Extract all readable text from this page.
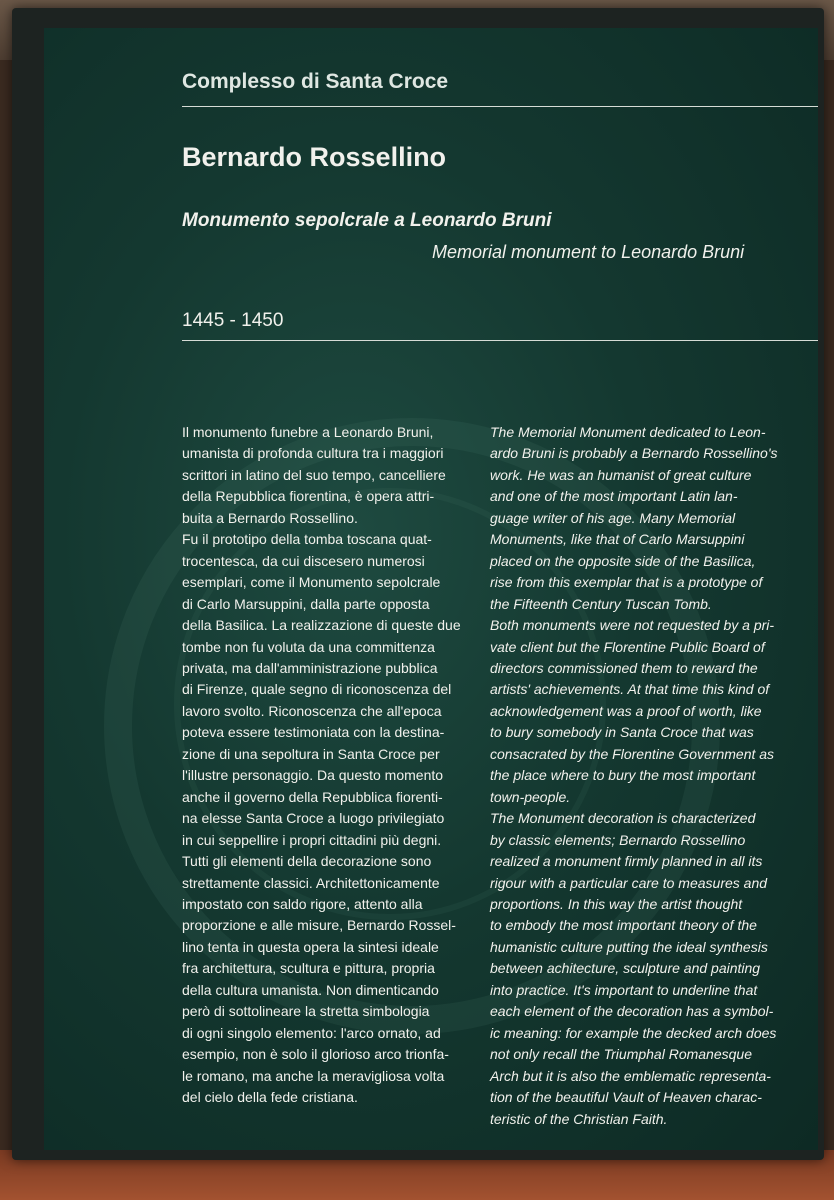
Complesso di Santa Croce

Bernardo Rossellino

Monumento sepolcrale a Leonardo Bruni

Memorial monument to Leonardo Bruni

1445 - 1450

Il monumento funebre a Leonardo Bruni,
umanista di profonda cultura tra i maggiori
scrittori in latino del suo tempo, cancelliere
della Repubblica fiorentina, è opera attri-
buita a Bernardo Rossellino.
Fu il prototipo della tomba toscana quat-
trocentesca, da cui discesero numerosi
esemplari, come il Monumento sepolcrale
di Carlo Marsuppini, dalla parte opposta
della Basilica. La realizzazione di queste due
tombe non fu voluta da una committenza
privata, ma dall'amministrazione pubblica
di Firenze, quale segno di riconoscenza del
lavoro svolto. Riconoscenza che all'epoca
poteva essere testimoniata con la destina-
zione di una sepoltura in Santa Croce per
l'illustre personaggio. Da questo momento
anche il governo della Repubblica fiorenti-
na elesse Santa Croce a luogo privilegiato
in cui seppellire i propri cittadini più degni.
Tutti gli elementi della decorazione sono
strettamente classici. Architettonicamente
impostato con saldo rigore, attento alla
proporzione e alle misure, Bernardo Rossel-
lino tenta in questa opera la sintesi ideale
fra architettura, scultura e pittura, propria
della cultura umanista. Non dimenticando
però di sottolineare la stretta simbologia
di ogni singolo elemento: l'arco ornato, ad
esempio, non è solo il glorioso arco trionfa-
le romano, ma anche la meravigliosa volta
del cielo della fede cristiana.
The Memorial Monument dedicated to Leon-
ardo Bruni is probably a Bernardo Rossellino's
work. He was an humanist of great culture
and one of the most important Latin lan-
guage writer of his age. Many Memorial
Monuments, like that of Carlo Marsuppini
placed on the opposite side of the Basilica,
rise from this exemplar that is a prototype of
the Fifteenth Century Tuscan Tomb.
Both monuments were not requested by a pri-
vate client but the Florentine Public Board of
directors commissioned them to reward the
artists' achievements. At that time this kind of
acknowledgement was a proof of worth, like
to bury somebody in Santa Croce that was
consacrated by the Florentine Government as
the place where to bury the most important
town-people.
The Monument decoration is characterized
by classic elements; Bernardo Rossellino
realized a monument firmly planned in all its
rigour with a particular care to measures and
proportions. In this way the artist thought
to embody the most important theory of the
humanistic culture putting the ideal synthesis
between achitecture, sculpture and painting
into practice. It's important to underline that
each element of the decoration has a symbol-
ic meaning: for example the decked arch does
not only recall the Triumphal Romanesque
Arch but it is also the emblematic representa-
tion of the beautiful Vault of Heaven charac-
teristic of the Christian Faith.
